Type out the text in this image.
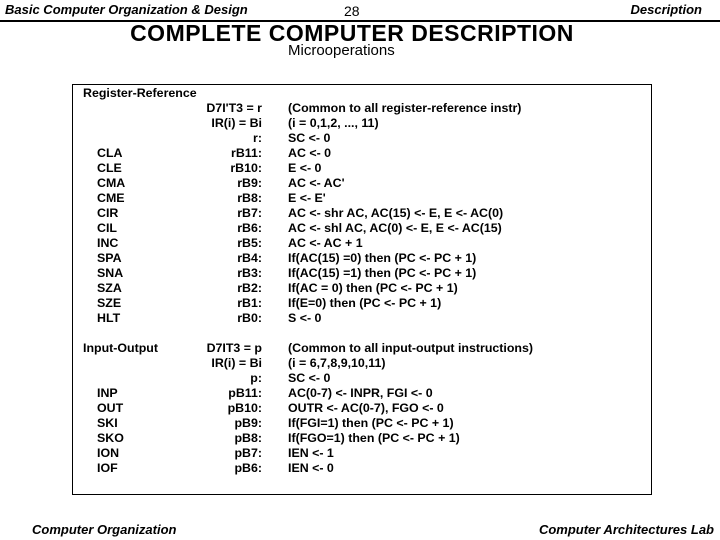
Basic Computer Organization & Design	28	Description
COMPLETE COMPUTER DESCRIPTION
Microoperations
Register-Reference
D7I'T3 = r (Common to all register-reference instr)
IR(i) = Bi (i = 0,1,2, ..., 11)
r: SC <- 0
CLA	rB11: AC <- 0
CLE	rB10: E <- 0
CMA	rB9: AC <- AC'
CME	rB8: E <- E'
CIR	rB7: AC <- shr AC, AC(15) <- E, E <- AC(0)
CIL	rB6: AC <- shl AC, AC(0) <- E, E <- AC(15)
INC	rB5: AC <- AC + 1
SPA	rB4: If(AC(15) =0) then (PC <- PC + 1)
SNA	rB3: If(AC(15) =1) then (PC <- PC + 1)
SZA	rB2: If(AC = 0) then (PC <- PC + 1)
SZE	rB1: If(E=0) then (PC <- PC + 1)
HLT	rB0: S <- 0
Input-Output	D7IT3 = p (Common to all input-output instructions)
IR(i) = Bi (i = 6,7,8,9,10,11)
p: SC <- 0
INP	pB11: AC(0-7) <- INPR, FGI <- 0
OUT	pB10: OUTR <- AC(0-7), FGO <- 0
SKI	pB9: If(FGI=1) then (PC <- PC + 1)
SKO	pB8: If(FGO=1) then (PC <- PC + 1)
ION	pB7: IEN <- 1
IOF	pB6: IEN <- 0
Computer Organization	Computer Architectures Lab
